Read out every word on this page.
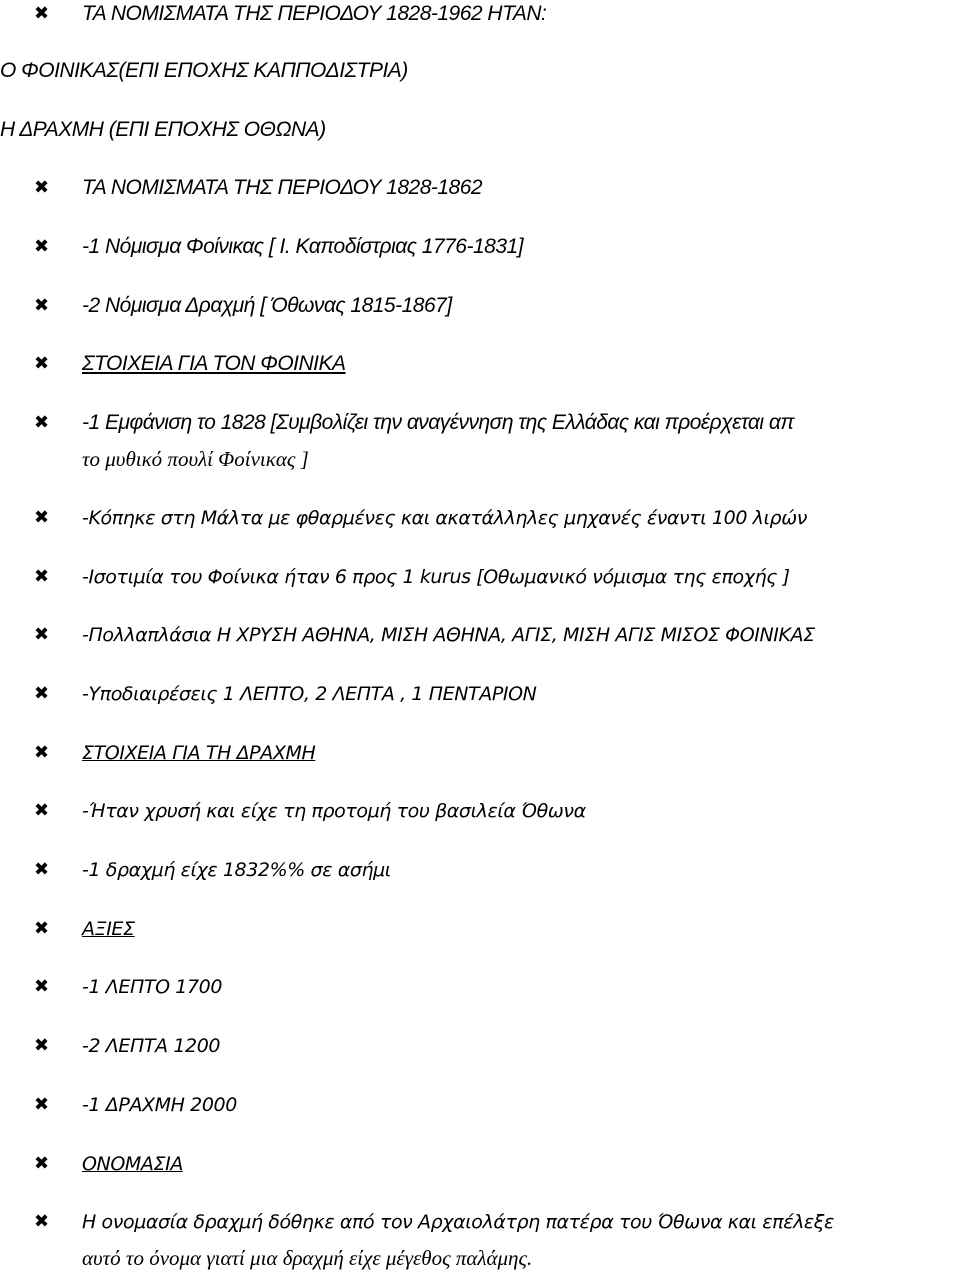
✖ ΤΑ ΝΟΜΙΣΜΑΤΑ ΤΗΣ ΠΕΡΙΟΔΟΥ 1828-1962 ΗΤΑΝ:
Ο ΦΟΙΝΙΚΑΣ(ΕΠΙ ΕΠΟΧΗΣ ΚΑΠΠΟΔΙΣΤΡΙΑ)
Η ΔΡΑΧΜΗ (ΕΠΙ ΕΠΟΧΗΣ ΟΘΩΝΑ)
✖ ΤΑ ΝΟΜΙΣΜΑΤΑ ΤΗΣ ΠΕΡΙΟΔΟΥ 1828-1862
✖ -1 Νόμισμα Φοίνικας [ Ι. Καποδίστριας 1776-1831]
✖ -2 Νόμισμα Δραχμή [ Όθωνας 1815-1867]
✖ ΣΤΟΙΧΕΙΑ ΓΙΑ ΤΟΝ ΦΟΙΝΙΚΑ
✖ -1 Εμφάνιση το 1828 [Συμβολίζει την αναγέννηση της Ελλάδας και προέρχεται απ
το μυθικό πουλί Φοίνικας ]
✖ -Κόπηκε στη Μάλτα με φθαρμένες και ακατάλληλες μηχανές έναντι 100 λιρών
✖ -Ισοτιμία του Φοίνικα ήταν 6 προς 1 kurus [Οθωμανικό νόμισμα της εποχής ]
✖ -Πολλαπλάσια Η ΧΡΥΣΗ ΑΘΗΝΑ, ΜΙΣΗ ΑΘΗΝΑ, ΑΓΙΣ, ΜΙΣΗ ΑΓΙΣ ΜΙΣΟΣ ΦΟΙΝΙΚΑΣ
✖ -Υποδιαιρέσεις 1 ΛΕΠΤΟ, 2 ΛΕΠΤΑ , 1 ΠΕΝΤΑΡΙΟΝ
✖ ΣΤΟΙΧΕΙΑ ΓΙΑ ΤΗ ΔΡΑΧΜΗ
✖ -Ήταν χρυσή και είχε τη προτομή του βασιλεία Όθωνα
✖ -1 δραχμή είχε 1832%% σε ασήμι
✖ ΑΞΙΕΣ
✖ -1 ΛΕΠΤΟ 1700
✖ -2 ΛΕΠΤΑ 1200
✖ -1 ΔΡΑΧΜΗ 2000
✖ ΟΝΟΜΑΣΙΑ
✖ Η ονομασία δραχμή δόθηκε από τον Αρχαιολάτρη πατέρα του Όθωνα και επέλεξε
αυτό το όνομα γιατί μια δραχμή είχε μέγεθος παλάμης.
